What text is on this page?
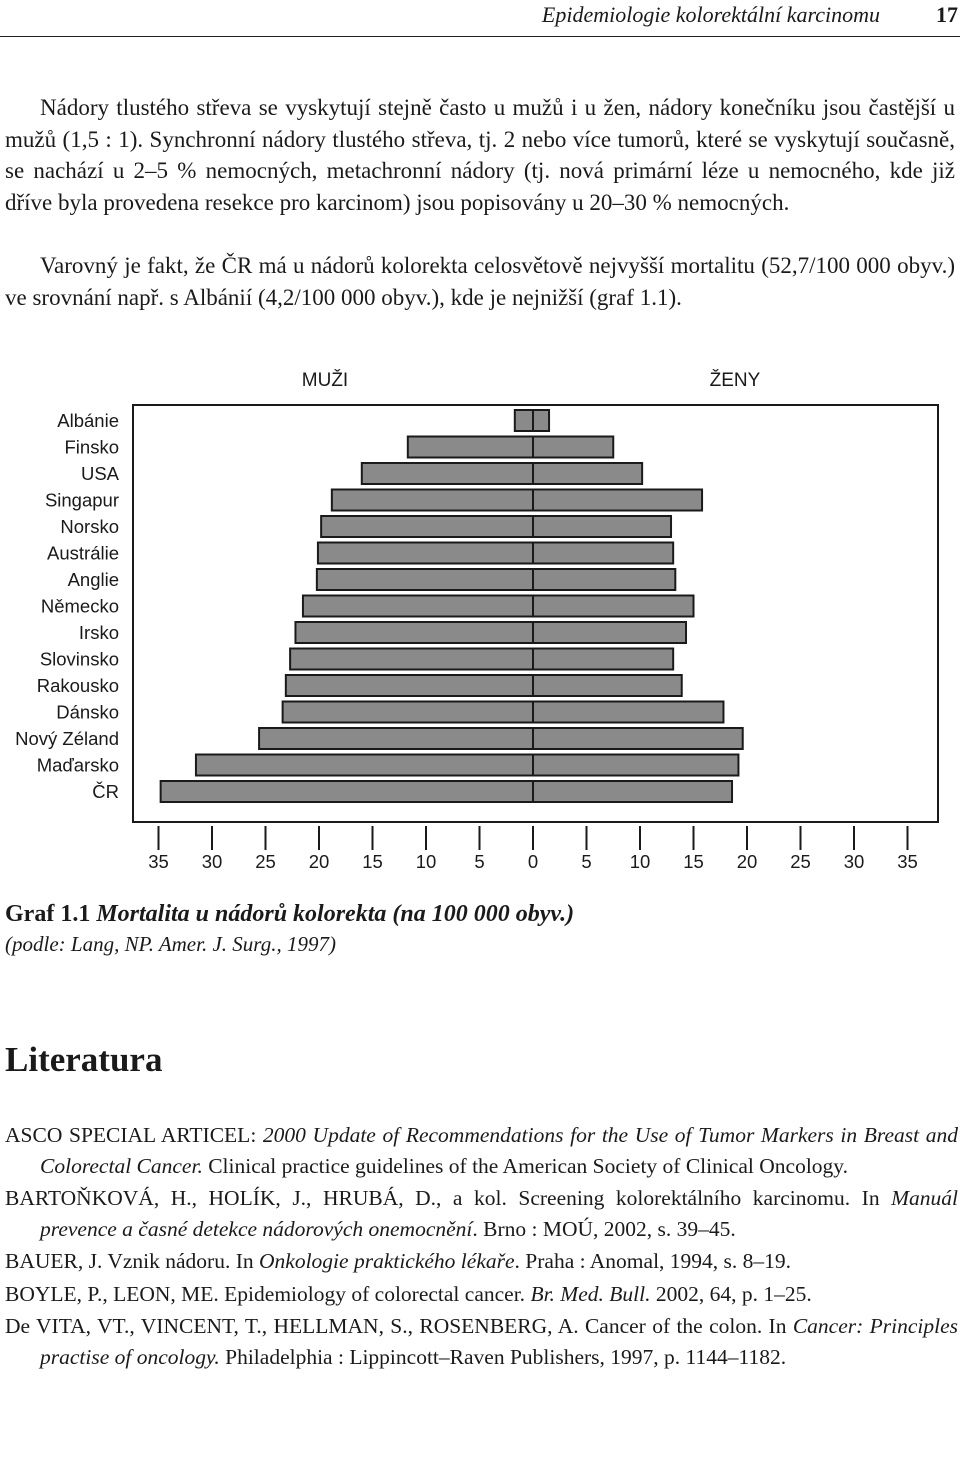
Epidemiologie kolorektální karcinomu	17

Nádory tlustého střeva se vyskytují stejně často u mužů i u žen, nádory konečníku jsou častější u mužů (1,5 : 1). Synchronní nádory tlustého střeva, tj. 2 nebo více tumorů, které se vyskytují současně, se nachází u 2–5 % nemocných, metachronní nádory (tj. nová primární léze u nemocného, kde již dříve byla provedena resekce pro karcinom) jsou popisovány u 20–30 % nemocných.

Varovný je fakt, že ČR má u nádorů kolorekta celosvětově nejvyšší mortalitu (52,7/100 000 obyv.) ve srovnání např. s Albánií (4,2/100 000 obyv.), kde je nejnižší (graf 1.1).

MUŽI	ŽENY
Albánie
Finsko
USA
Singapur
Norsko
Austrálie
Anglie
Německo
Irsko
Slovinsko
Rakousko
Dánsko
Nový Zéland
Maďarsko
ČR
35 30 25 20 15 10 5 0 5 10 15 20 25 30 35
Graf 1.1 Mortalita u nádorů kolorekta (na 100 000 obyv.)
(podle: Lang, NP. Amer. J. Surg., 1997)
Literatura
ASCO SPECIAL ARTICEL: 2000 Update of Recommendations for the Use of Tumor Markers in Breast and Colorectal Cancer. Clinical practice guidelines of the American Society of Clinical Oncology.
BARTOŇKOVÁ, H., HOLÍK, J., HRUBÁ, D., a kol. Screening kolorektálního karcinomu. In Manuál prevence a časné detekce nádorových onemocnění. Brno : MOÚ, 2002, s. 39–45.
BAUER, J. Vznik nádoru. In Onkologie praktického lékaře. Praha : Anomal, 1994, s. 8–19.
BOYLE, P., LEON, ME. Epidemiology of colorectal cancer. Br. Med. Bull. 2002, 64, p. 1–25.
De VITA, VT., VINCENT, T., HELLMAN, S., ROSENBERG, A. Cancer of the colon. In Cancer: Principles practise of oncology. Philadelphia : Lippincott–Raven Publishers, 1997, p. 1144–1182.
